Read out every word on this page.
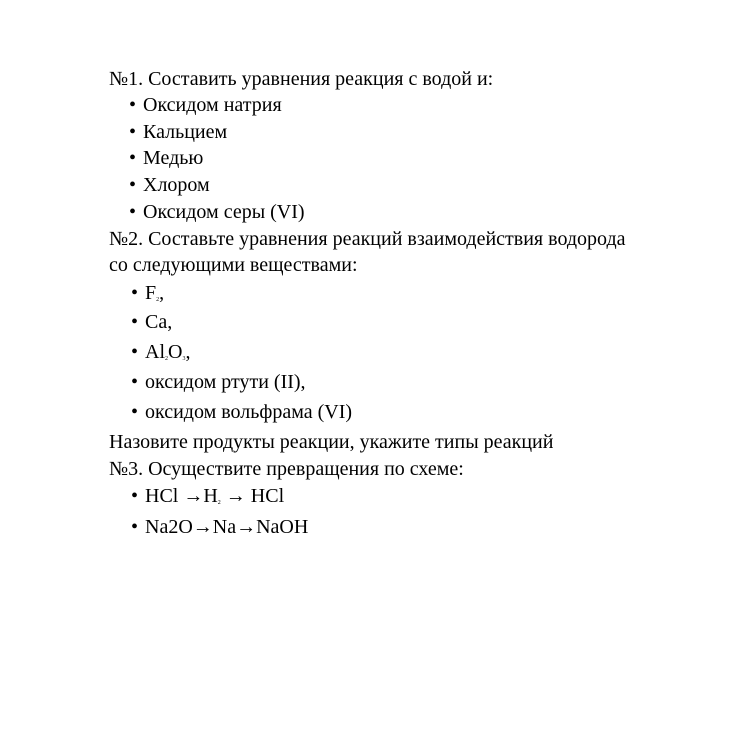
№1. Составить уравнения реакция с водой и:
• Оксидом натрия
• Кальцием
• Медью
• Хлором
• Оксидом серы (VI)
№2. Составьте уравнения реакций взаимодействия водорода
со следующими веществами:
• $F_2$,
• Ca,
• $Al_2O_3$,
• оксидом ртути (II),
• оксидом вольфрама (VI)
Назовите продукты реакции, укажите типы реакций
№3. Осуществите превращения по схеме:
• HCl $\to H_2$ → HCl
• Na2O→Na→NaOH
